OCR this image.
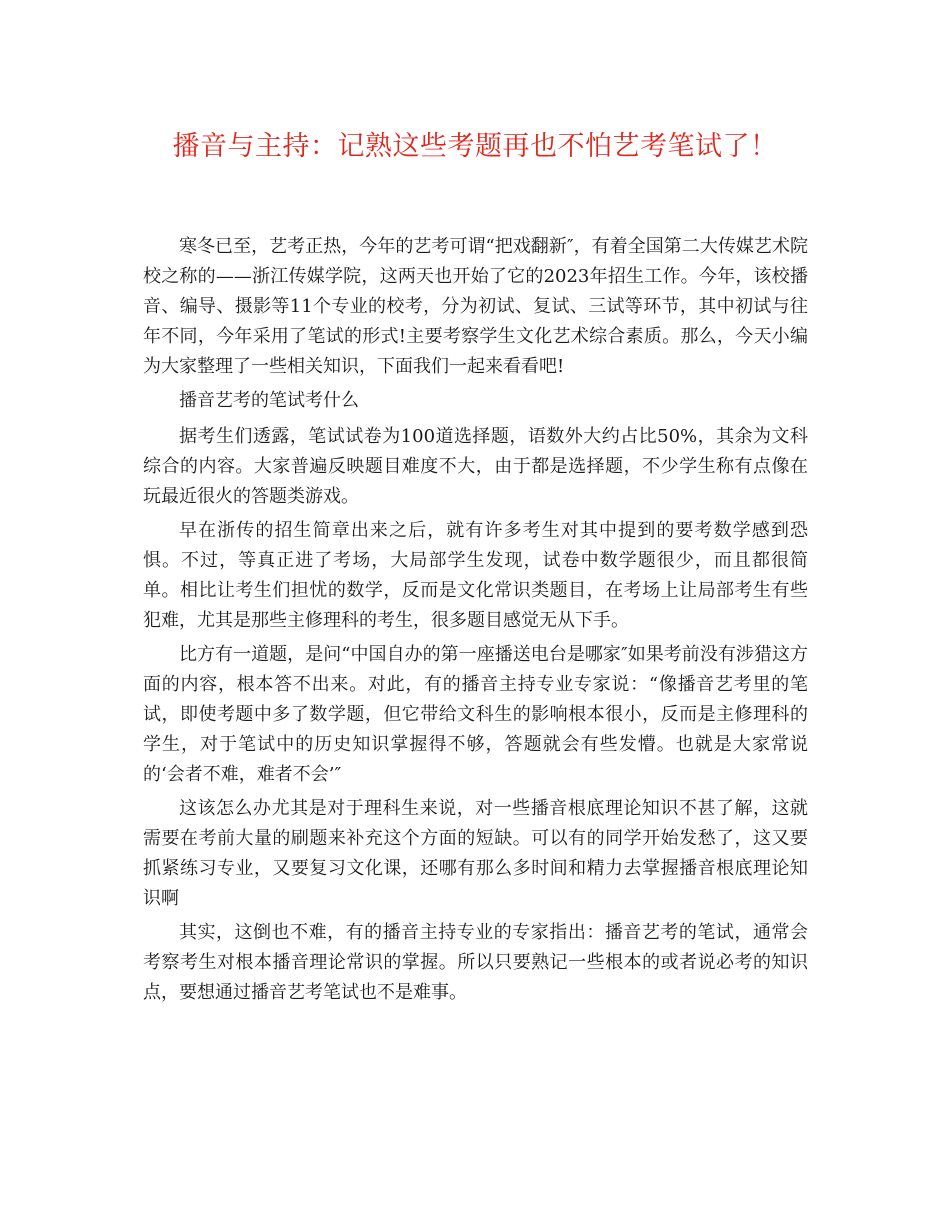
播音与主持：记熟这些考题再也不怕艺考笔试了！

寒冬已至，艺考正热，今年的艺考可谓“把戏翻新″，有着全国第二大传媒艺术院校之称的——浙江传媒学院，这两天也开始了它的2023年招生工作。今年，该校播音、编导、摄影等11个专业的校考，分为初试、复试、三试等环节，其中初试与往年不同，今年采用了笔试的形式!主要考察学生文化艺术综合素质。那么，今天小编为大家整理了一些相关知识，下面我们一起来看看吧!

播音艺考的笔试考什么

据考生们透露，笔试试卷为100道选择题，语数外大约占比50%，其余为文科综合的内容。大家普遍反映题目难度不大，由于都是选择题，不少学生称有点像在玩最近很火的答题类游戏。

早在浙传的招生简章出来之后，就有许多考生对其中提到的要考数学感到恐惧。不过，等真正进了考场，大局部学生发现，试卷中数学题很少，而且都很简单。相比让考生们担忧的数学，反而是文化常识类题目，在考场上让局部考生有些犯难，尤其是那些主修理科的考生，很多题目感觉无从下手。

比方有一道题，是问“中国自办的第一座播送电台是哪家″如果考前没有涉猎这方面的内容，根本答不出来。对此，有的播音主持专业专家说：“像播音艺考里的笔试，即使考题中多了数学题，但它带给文科生的影响根本很小，反而是主修理科的学生，对于笔试中的历史知识掌握得不够，答题就会有些发懵。也就是大家常说的‘会者不难，难者不会’″

这该怎么办尤其是对于理科生来说，对一些播音根底理论知识不甚了解，这就需要在考前大量的刷题来补充这个方面的短缺。可以有的同学开始发愁了，这又要抓紧练习专业，又要复习文化课，还哪有那么多时间和精力去掌握播音根底理论知识啊

其实，这倒也不难，有的播音主持专业的专家指出：播音艺考的笔试，通常会考察考生对根本播音理论常识的掌握。所以只要熟记一些根本的或者说必考的知识点，要想通过播音艺考笔试也不是难事。
